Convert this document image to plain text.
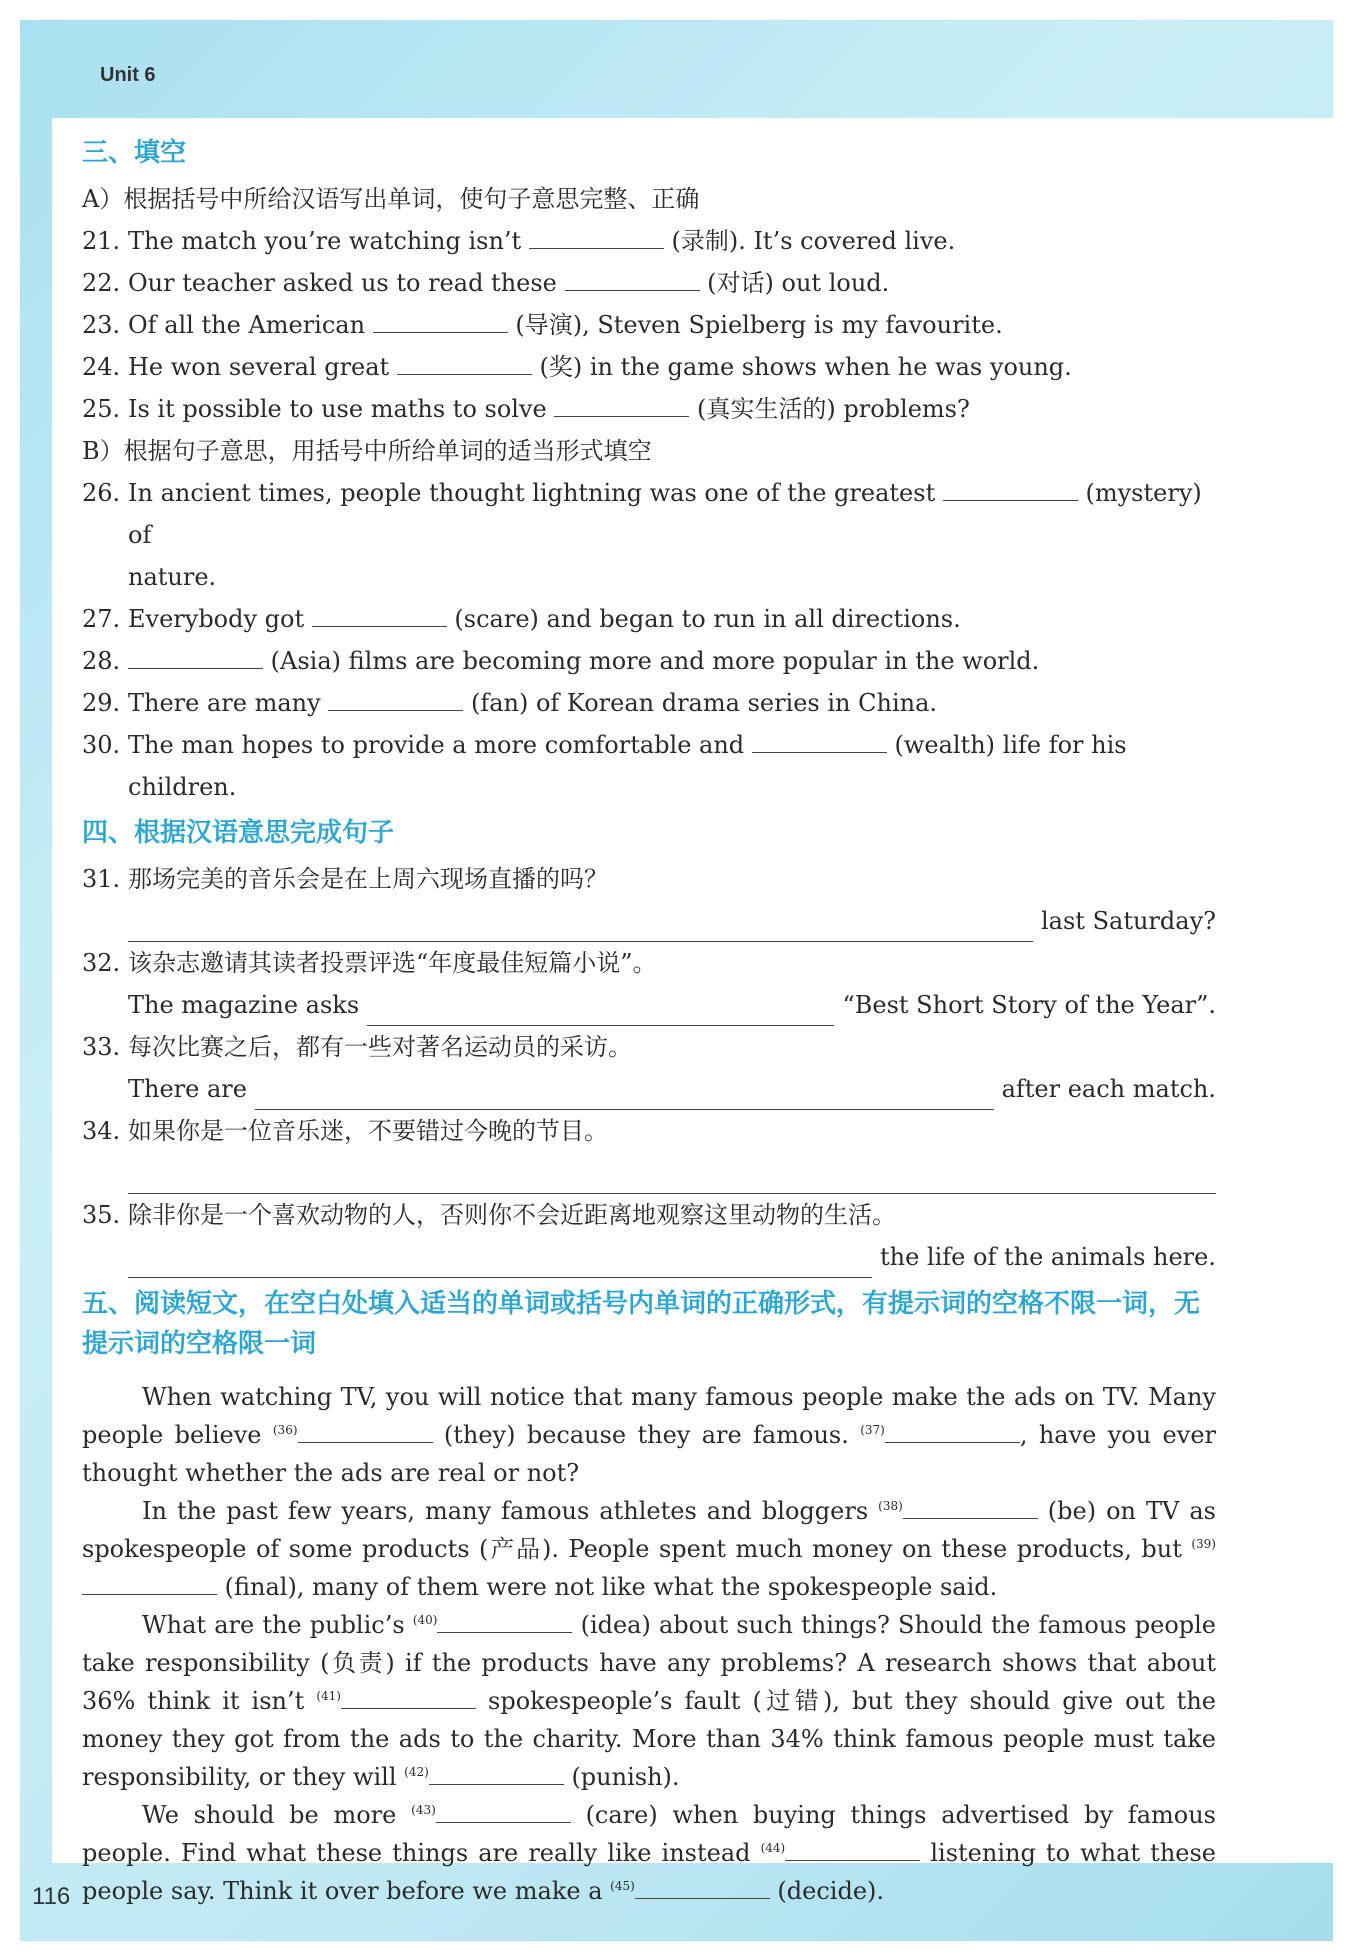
Unit 6
116
三、填空
A）根据括号中所给汉语写出单词，使句子意思完整、正确
21. The match you’re watching isn’t	(录制). It’s covered live.
22. Our teacher asked us to read these	(对话) out loud.
23. Of all the American	(导演), Steven Spielberg is my favourite.
24. He won several great	(奖) in the game shows when he was young.
25. Is it possible to use maths to solve	(真实生活的) problems?
B）根据句子意思，用括号中所给单词的适当形式填空
26. In ancient times, people thought lightning was one of the greatest	(mystery) of
nature.
27. Everybody got	(scare) and began to run in all directions.
28.	(Asia) films are becoming more and more popular in the world.
29. There are many	(fan) of Korean drama series in China.
30. The man hopes to provide a more comfortable and	(wealth) life for his children.
四、根据汉语意思完成句子
31. 那场完美的音乐会是在上周六现场直播的吗？
last Saturday?
32. 该杂志邀请其读者投票评选“年度最佳短篇小说”。
The magazine asks	“Best Short Story of the Year”.
33. 每次比赛之后，都有一些对著名运动员的采访。
There are	after each match.
34. 如果你是一位音乐迷，不要错过今晚的节目。
35. 除非你是一个喜欢动物的人，否则你不会近距离地观察这里动物的生活。
the life of the animals here.
五、阅读短文，在空白处填入适当的单词或括号内单词的正确形式，有提示词的空格不限一词，无提示词的空格限一词

When watching TV, you will notice that many famous people make the ads on TV. Many people believe $^{(36)}$	(they) because they are famous. $^{(37)}$	, have you ever thought whether the ads are real or not?

In the past few years, many famous athletes and bloggers $^{(38)}$	(be) on TV as spokespeople of some products (产品). People spent much money on these products, but $^{(39)}$ (final), many of them were not like what the spokespeople said.

What are the public’s $^{(40)}$	(idea) about such things? Should the famous people take responsibility (负责) if the products have any problems? A research shows that about 36% think it isn’t $^{(41)}$	spokespeople’s fault (过错), but they should give out the money they got from the ads to the charity. More than 34% think famous people must take responsibility, or they will $^{(42)}$	(punish).

We should be more $^{(43)}$	(care) when buying things advertised by famous people. Find what these things are really like instead $^{(44)}$	listening to what these people say. Think it over before we make a $^{(45)}$	(decide).
